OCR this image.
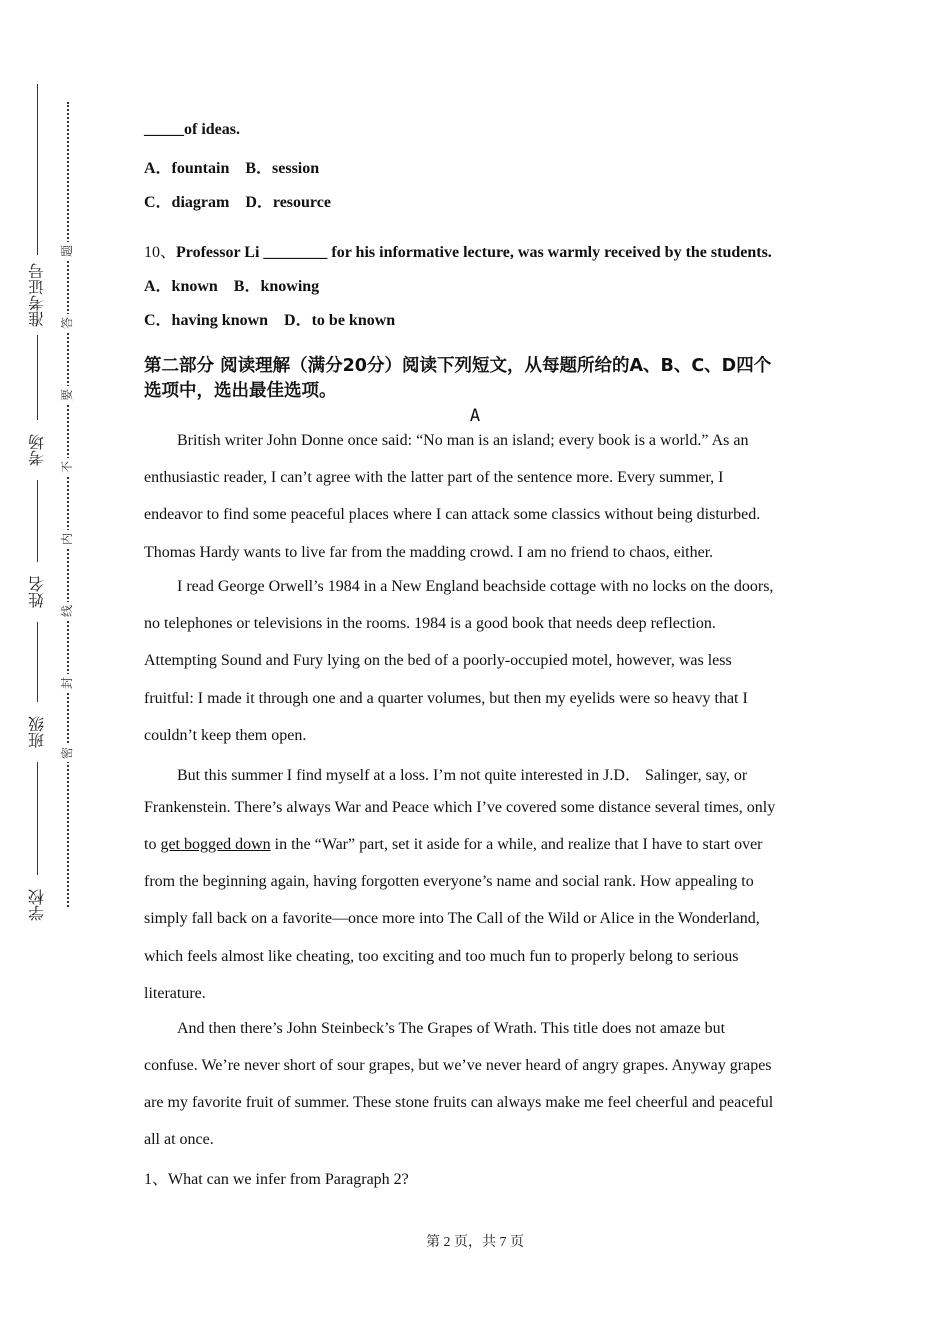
学校
班级
姓名
考场
准考证号
密
封
线
内
不
要
答
题
_____of ideas.
A．fountain　B．session
C．diagram　D．resource
10、Professor Li ________ for his informative lecture, was warmly received by the students.
A．known　B．knowing
C．having known　D．to be known
第二部分 阅读理解（满分20分）阅读下列短文，从每题所给的A、B、C、D四个
选项中，选出最佳选项。
A
British writer John Donne once said: “No man is an island; every book is a world.” As an
enthusiastic reader, I can’t agree with the latter part of the sentence more. Every summer, I
endeavor to find some peaceful places where I can attack some classics without being disturbed.
Thomas Hardy wants to live far from the madding crowd. I am no friend to chaos, either.
I read George Orwell’s 1984 in a New England beachside cottage with no locks on the doors,
no telephones or televisions in the rooms. 1984 is a good book that needs deep reflection.
Attempting Sound and Fury lying on the bed of a poorly-occupied motel, however, was less
fruitful: I made it through one and a quarter volumes, but then my eyelids were so heavy that I
couldn’t keep them open.
But this summer I find myself at a loss. I’m not quite interested in J.D． Salinger, say, or
Frankenstein. There’s always War and Peace which I’ve covered some distance several times, only
to get bogged down in the “War” part, set it aside for a while, and realize that I have to start over
from the beginning again, having forgotten everyone’s name and social rank. How appealing to
simply fall back on a favorite—once more into The Call of the Wild or Alice in the Wonderland,
which feels almost like cheating, too exciting and too much fun to properly belong to serious
literature.
And then there’s John Steinbeck’s The Grapes of Wrath. This title does not amaze but
confuse. We’re never short of sour grapes, but we’ve never heard of angry grapes. Anyway grapes
are my favorite fruit of summer. These stone fruits can always make me feel cheerful and peaceful
all at once.
1、What can we infer from Paragraph 2?
第 2 页，共 7 页
